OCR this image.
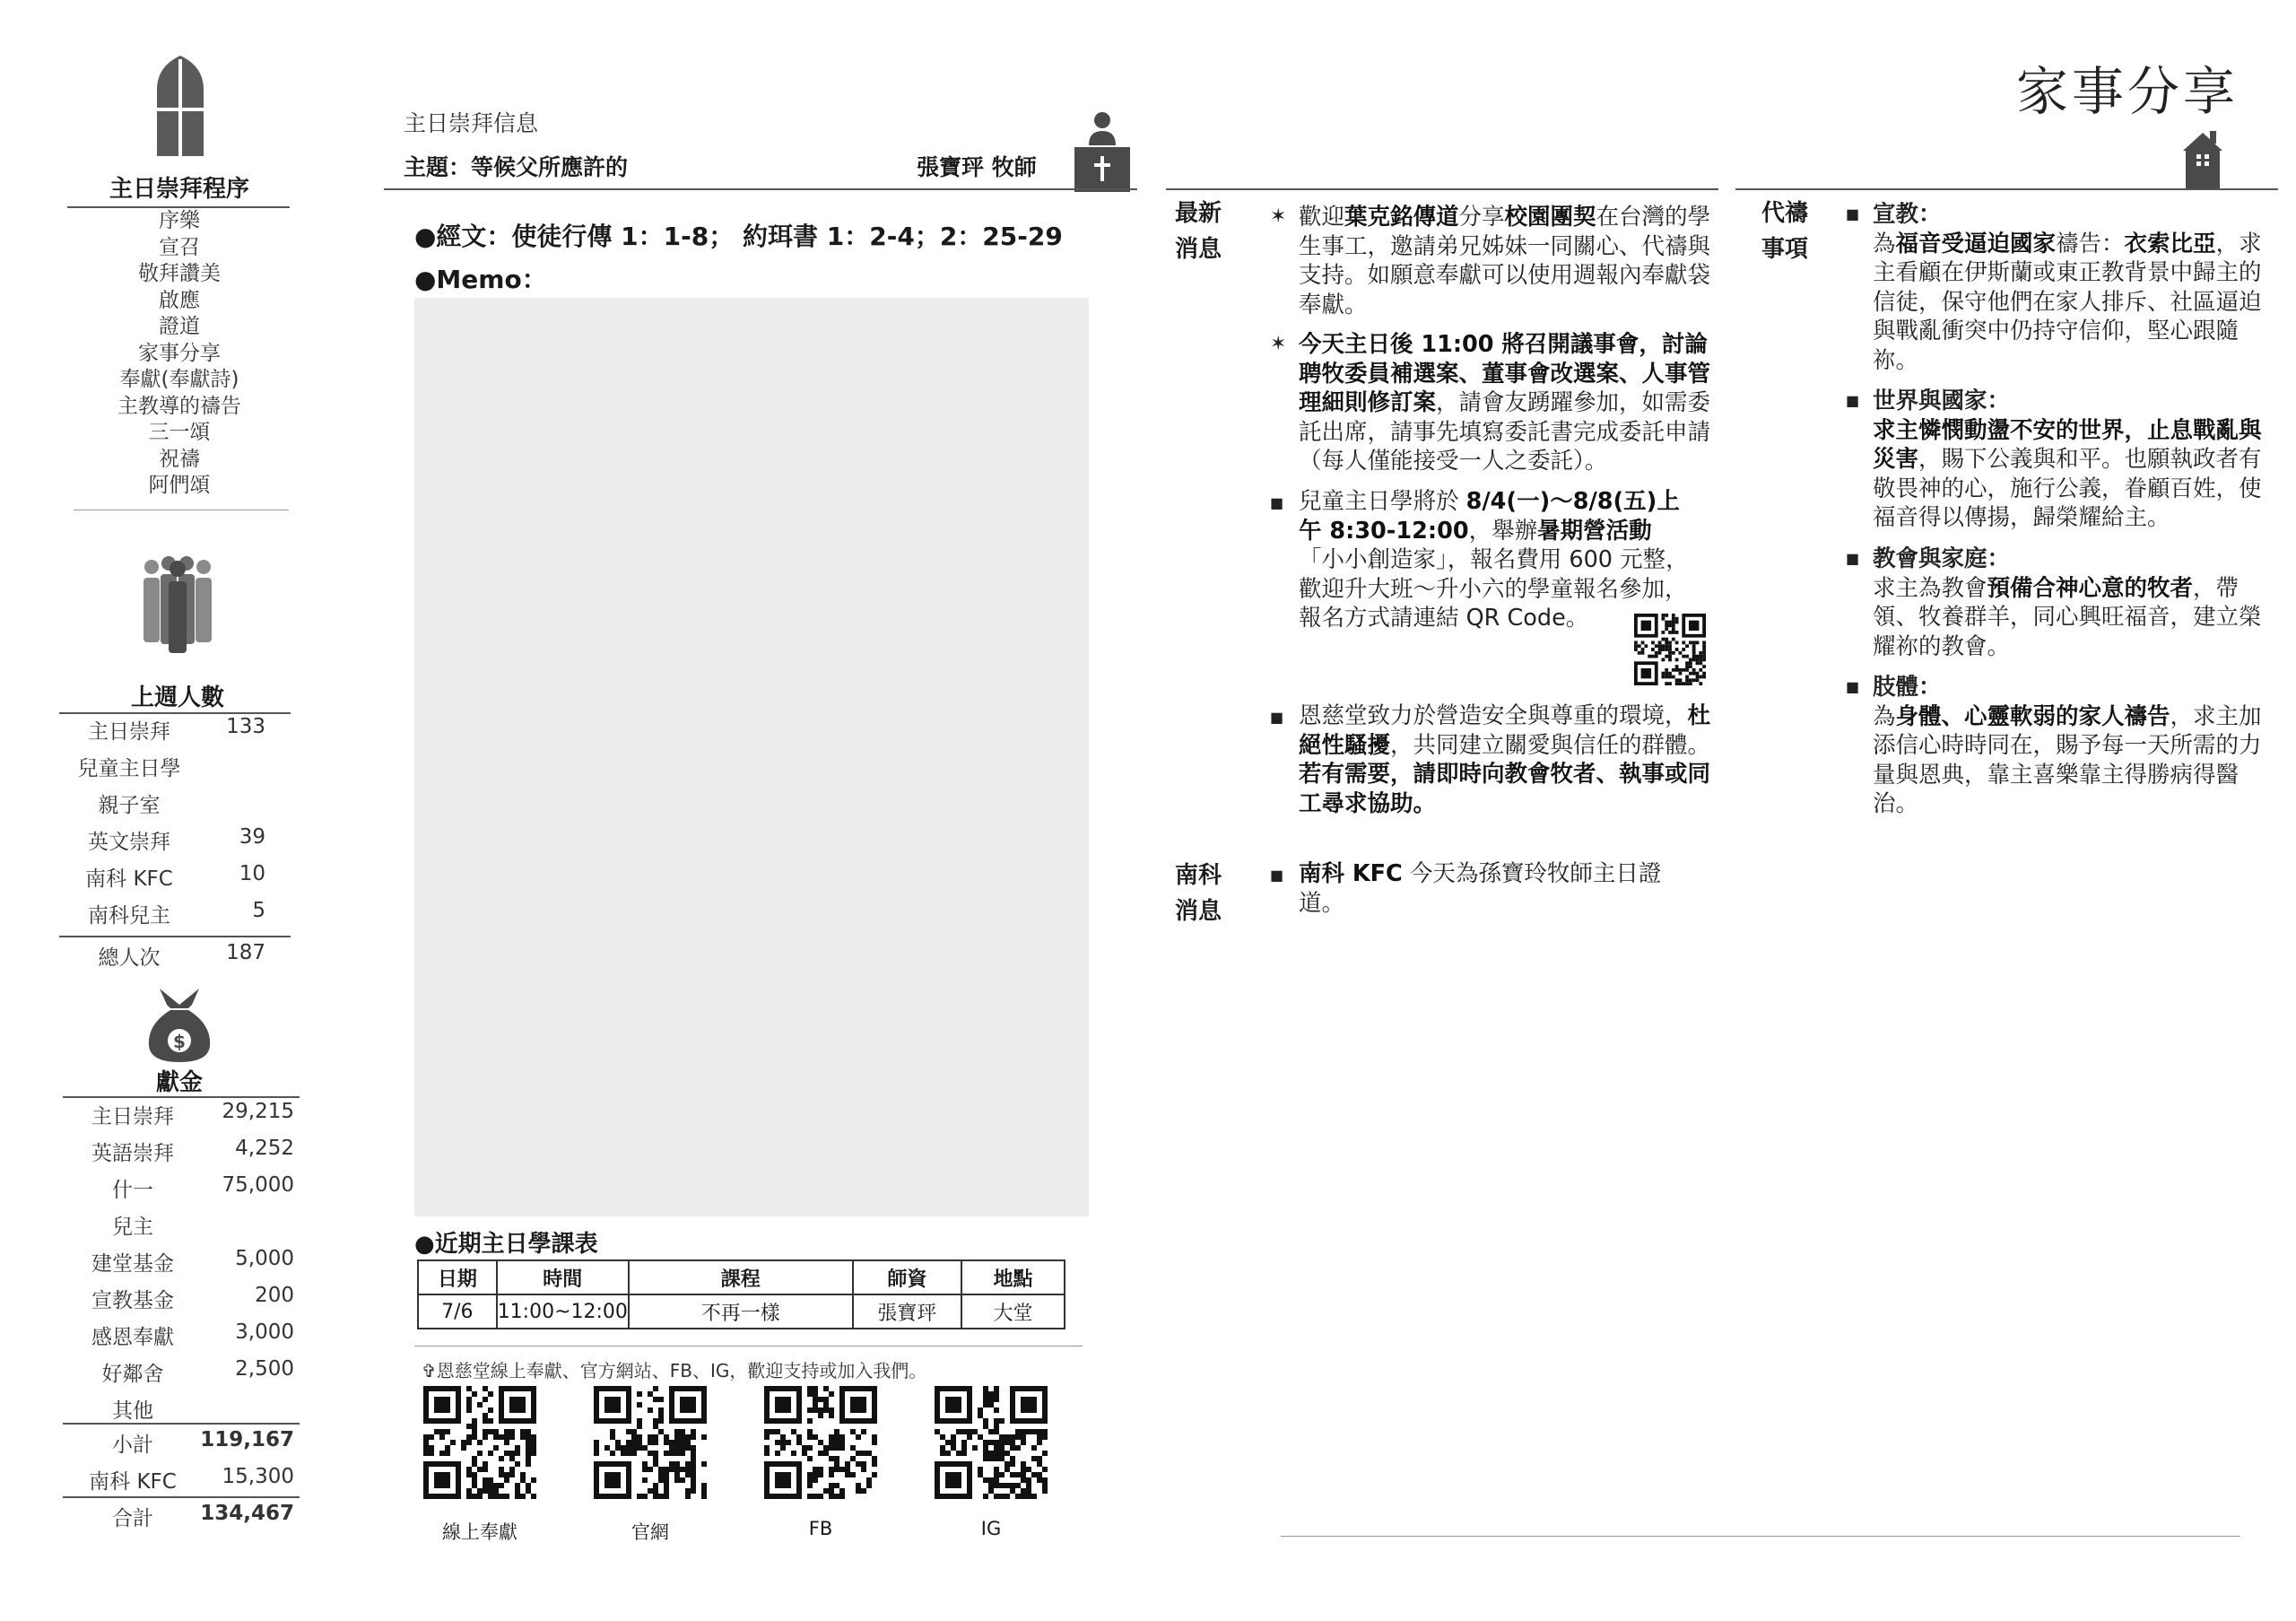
主日崇拜程序
序樂
宣召
敬拜讚美
啟應
證道
家事分享
奉獻(奉獻詩)
主教導的禱告
三一頌
祝禱
阿們頌
上週人數
主日崇拜	133
兒童主日學
親子室
英文崇拜	39
南科 KFC	10
南科兒主	5
總人次	187
$
獻金
主日崇拜	29,215
英語崇拜	4,252
什一	75,000
兒主
建堂基金	5,000
宣教基金	200
感恩奉獻	3,000
好鄰舍	2,500
其他
小計	119,167
南科 KFC	15,300
合計	134,467
主日崇拜信息
主題：等候父所應許的	張寶玶 牧師
●經文：使徒行傳 1：1-8； 約珥書 1：2-4；2：25-29
●Memo：
●近期主日學課表
日期	時間	課程	師資	地點
7/6	11:00~12:00	不再一樣	張寶玶	大堂
✞恩慈堂線上奉獻、官方網站、FB、IG，歡迎支持或加入我們。
線上奉獻	官網	FB	IG
最新
消息
✶ 歡迎葉克銘傳道分享校園團契在台灣的學生事工，邀請弟兄姊妹一同關心、代禱與支持。如願意奉獻可以使用週報內奉獻袋奉獻。
✶ 今天主日後 11:00 將召開議事會，討論聘牧委員補選案、董事會改選案、人事管理細則修訂案，請會友踴躍參加，如需委託出席，請事先填寫委託書完成委託申請（每人僅能接受一人之委託）。
■ 兒童主日學將於 8/4(一)～8/8(五)上午 8:30-12:00，舉辦暑期營活動「小小創造家」，報名費用 600 元整，歡迎升大班～升小六的學童報名參加，報名方式請連結 QR Code。
■ 恩慈堂致力於營造安全與尊重的環境，杜絕性騷擾，共同建立關愛與信任的群體。若有需要，請即時向教會牧者、執事或同工尋求協助。
南科
消息
■ 南科 KFC 今天為孫寶玲牧師主日證道。
家事分享
代禱
事項
■ 宣教：
為福音受逼迫國家禱告：衣索比亞，求主看顧在伊斯蘭或東正教背景中歸主的信徒，保守他們在家人排斥、社區逼迫與戰亂衝突中仍持守信仰，堅心跟隨祢。
■ 世界與國家：
求主憐憫動盪不安的世界，止息戰亂與災害，賜下公義與和平。也願執政者有敬畏神的心，施行公義，眷顧百姓，使福音得以傳揚，歸榮耀給主。
■ 教會與家庭：
求主為教會預備合神心意的牧者，帶領、牧養群羊，同心興旺福音，建立榮耀祢的教會。
■ 肢體：
為身體、心靈軟弱的家人禱告，求主加添信心時時同在，賜予每一天所需的力量與恩典，靠主喜樂靠主得勝病得醫治。
